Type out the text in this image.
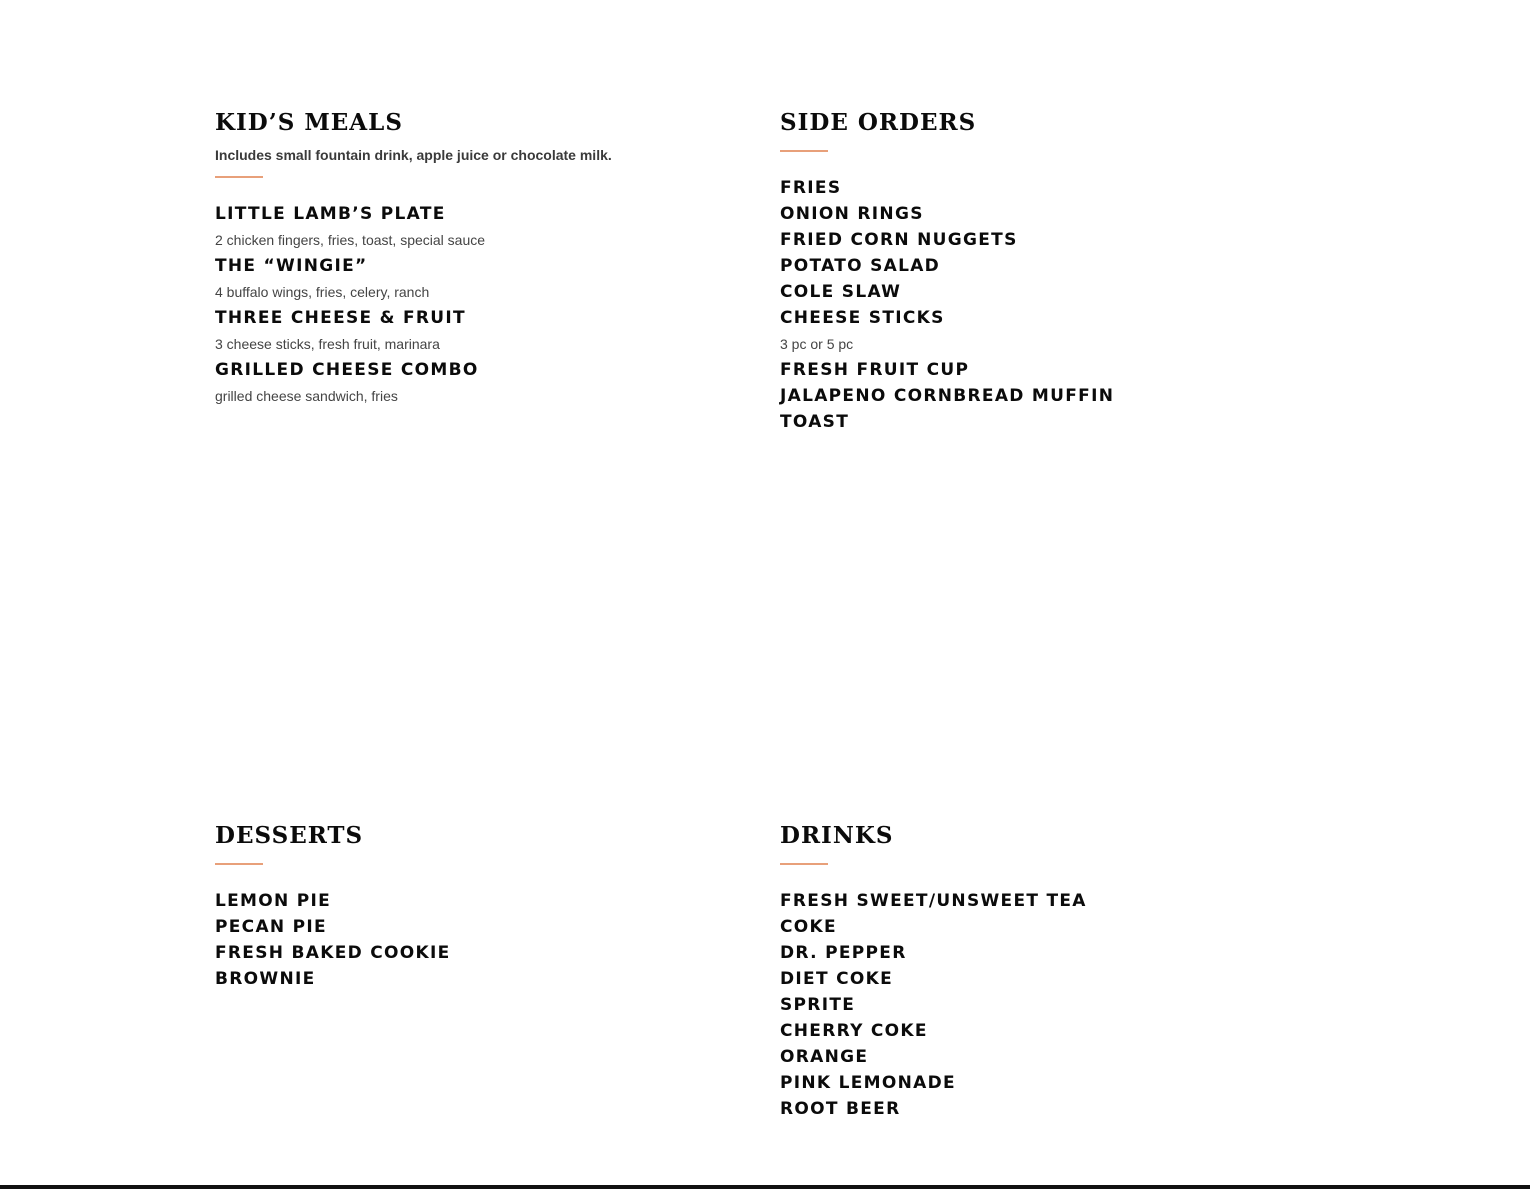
KID’S MEALS
Includes small fountain drink, apple juice or chocolate milk.
LITTLE LAMB’S PLATE
2 chicken fingers, fries, toast, special sauce
THE “WINGIE”
4 buffalo wings, fries, celery, ranch
THREE CHEESE & FRUIT
3 cheese sticks, fresh fruit, marinara
GRILLED CHEESE COMBO
grilled cheese sandwich, fries
SIDE ORDERS
FRIES
ONION RINGS
FRIED CORN NUGGETS
POTATO SALAD
COLE SLAW
CHEESE STICKS
3 pc or 5 pc
FRESH FRUIT CUP
JALAPENO CORNBREAD MUFFIN
TOAST
DESSERTS
LEMON PIE
PECAN PIE
FRESH BAKED COOKIE
BROWNIE
DRINKS
FRESH SWEET/UNSWEET TEA
COKE
DR. PEPPER
DIET COKE
SPRITE
CHERRY COKE
ORANGE
PINK LEMONADE
ROOT BEER
